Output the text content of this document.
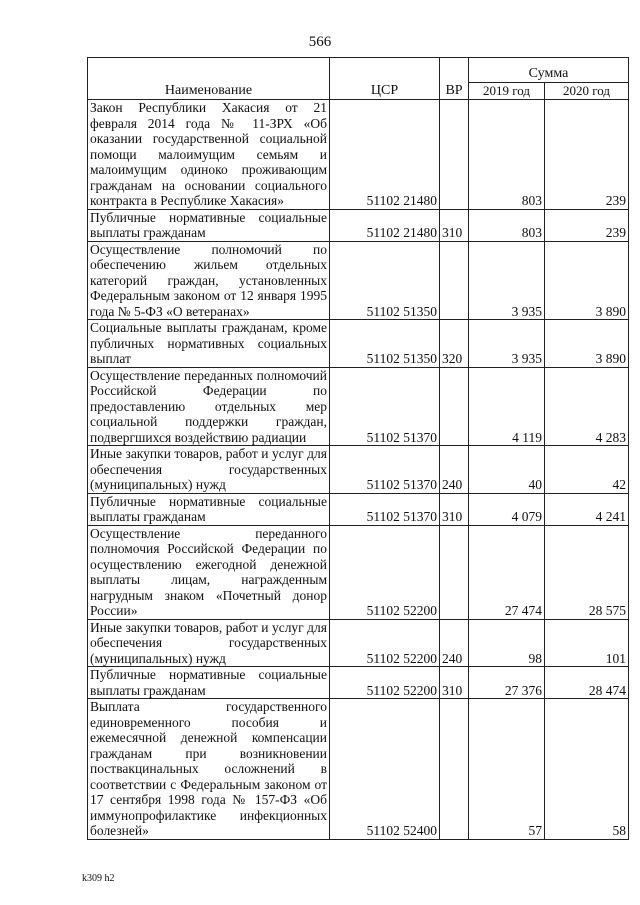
566
Наименование	ЦСР	ВР	Сумма	
			2019 год	2020 год
Закон Республики Хакасия от 21 февраля 2014 года № 11-ЗРХ «Об оказании государственной социальной помощи малоимущим семьям и малоимущим одиноко проживающим гражданам на основании социального контракта в Республике Хакасия»	51102 21480		803	239
Публичные нормативные социальные выплаты гражданам	51102 21480	310	803	239
Осуществление полномочий по обеспечению жильем отдельных категорий граждан, установленных Федеральным законом от 12 января 1995 года № 5-ФЗ «О ветеранах»	51102 51350		3 935	3 890
Социальные выплаты гражданам, кроме публичных нормативных социальных выплат	51102 51350	320	3 935	3 890
Осуществление переданных полномочий Российской Федерации по предоставлению отдельных мер социальной поддержки граждан, подвергшихся воздействию радиации	51102 51370		4 119	4 283
Иные закупки товаров, работ и услуг для обеспечения государственных (муниципальных) нужд	51102 51370	240	40	42
Публичные нормативные социальные выплаты гражданам	51102 51370	310	4 079	4 241
Осуществление переданного полномочия Российской Федерации по осуществлению ежегодной денежной выплаты лицам, награжденным нагрудным знаком «Почетный донор России»	51102 52200		27 474	28 575
Иные закупки товаров, работ и услуг для обеспечения государственных (муниципальных) нужд	51102 52200	240	98	101
Публичные нормативные социальные выплаты гражданам	51102 52200	310	27 376	28 474
Выплата государственного единовременного пособия и ежемесячной денежной компенсации гражданам при возникновении поствакцинальных осложнений в соответствии с Федеральным законом от 17 сентября 1998 года № 157-ФЗ «Об иммунопрофилактике инфекционных болезней»	51102 52400		57	58
k309 h2
